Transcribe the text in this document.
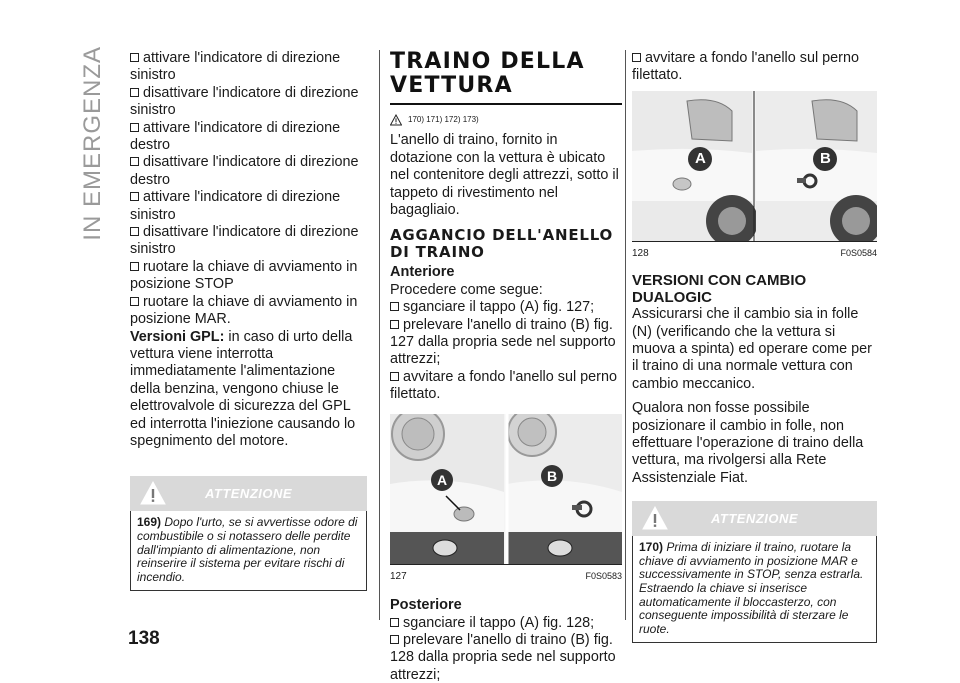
IN EMERGENZA	attivare l'indicatore di direzione sinistro

disattivare l'indicatore di direzione sinistro

attivare l'indicatore di direzione destro

disattivare l'indicatore di direzione destro

attivare l'indicatore di direzione sinistro

disattivare l'indicatore di direzione sinistro

ruotare la chiave di avviamento in posizione STOP

ruotare la chiave di avviamento in posizione MAR.

Versioni GPL: in caso di urto della vettura viene interrotta immediatamente l'alimentazione della benzina, vengono chiuse le elettrovalvole di sicurezza del GPL ed interrotta l'iniezione causando lo spegnimento del motore.

ATTENZIONE
169) Dopo l'urto, se si avvertisse odore di combustibile o si notassero delle perdite dall'impianto di alimentazione, non reinserire il sistema per evitare rischi di incendio.
TRAINO DELLA VETTURA
170) 171) 172) 173)

L'anello di traino, fornito in dotazione con la vettura è ubicato nel contenitore degli attrezzi, sotto il tappeto di rivestimento nel bagagliaio.

AGGANCIO DELL'ANELLO DI TRAINO
Anteriore

Procedere come segue:

sganciare il tappo (A) fig. 127;

prelevare l'anello di traino (B) fig. 127 dalla propria sede nel supporto attrezzi;

avvitare a fondo l'anello sul perno filettato.

A	B
127	F0S0583
Posteriore

sganciare il tappo (A) fig. 128;

prelevare l'anello di traino (B) fig. 128 dalla propria sede nel supporto attrezzi;

avvitare a fondo l'anello sul perno filettato.

A	B
128	F0S0584
VERSIONI CON CAMBIO DUALOGIC

Assicurarsi che il cambio sia in folle (N) (verificando che la vettura si muova a spinta) ed operare come per il traino di una normale vettura con cambio meccanico.

Qualora non fosse possibile posizionare il cambio in folle, non effettuare l'operazione di traino della vettura, ma rivolgersi alla Rete Assistenziale Fiat.

ATTENZIONE
170) Prima di iniziare il traino, ruotare la chiave di avviamento in posizione MAR e successivamente in STOP, senza estrarla. Estraendo la chiave si inserisce automaticamente il bloccasterzo, con conseguente impossibilità di sterzare le ruote.
138
